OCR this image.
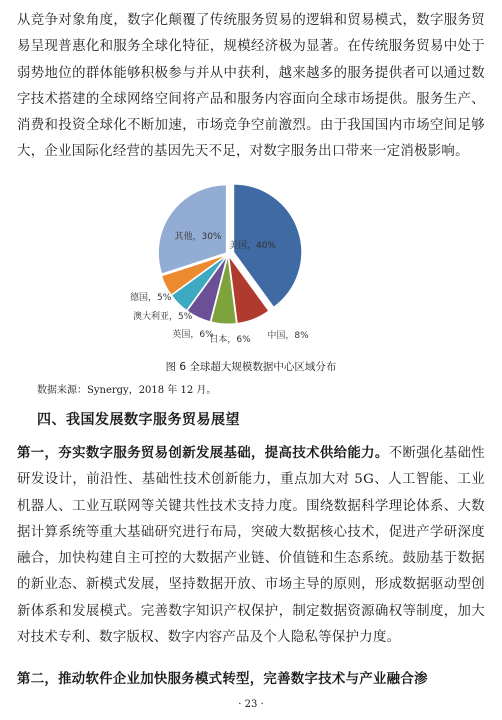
从竞争对象角度，数字化颠覆了传统服务贸易的逻辑和贸易模式，数字服务贸易呈现普惠化和服务全球化特征，规模经济极为显著。在传统服务贸易中处于弱势地位的群体能够积极参与并从中获利，越来越多的服务提供者可以通过数字技术搭建的全球网络空间将产品和服务内容面向全球市场提供。服务生产、消费和投资全球化不断加速，市场竞争空前激烈。由于我国国内市场空间足够大，企业国际化经营的基因先天不足，对数字服务出口带来一定消极影响。

美国，40%
中国，8%
日本，6%
英国，6%
澳大利亚，5%
德国，5%
其他，30%
图 6 全球超大规模数据中心区域分布
数据来源：Synergy，2018 年 12 月。
四、我国发展数字服务贸易展望

第一，夯实数字服务贸易创新发展基础，提高技术供给能力。不断强化基础性研发设计，前沿性、基础性技术创新能力，重点加大对 5G、人工智能、工业机器人、工业互联网等关键共性技术支持力度。围绕数据科学理论体系、大数据计算系统等重大基础研究进行布局，突破大数据核心技术，促进产学研深度融合，加快构建自主可控的大数据产业链、价值链和生态系统。鼓励基于数据的新业态、新模式发展，坚持数据开放、市场主导的原则，形成数据驱动型创新体系和发展模式。完善数字知识产权保护，制定数据资源确权等制度，加大对技术专利、数字版权、数字内容产品及个人隐私等保护力度。

第二，推动软件企业加快服务模式转型，完善数字技术与产业融合渗

· 23 ·
